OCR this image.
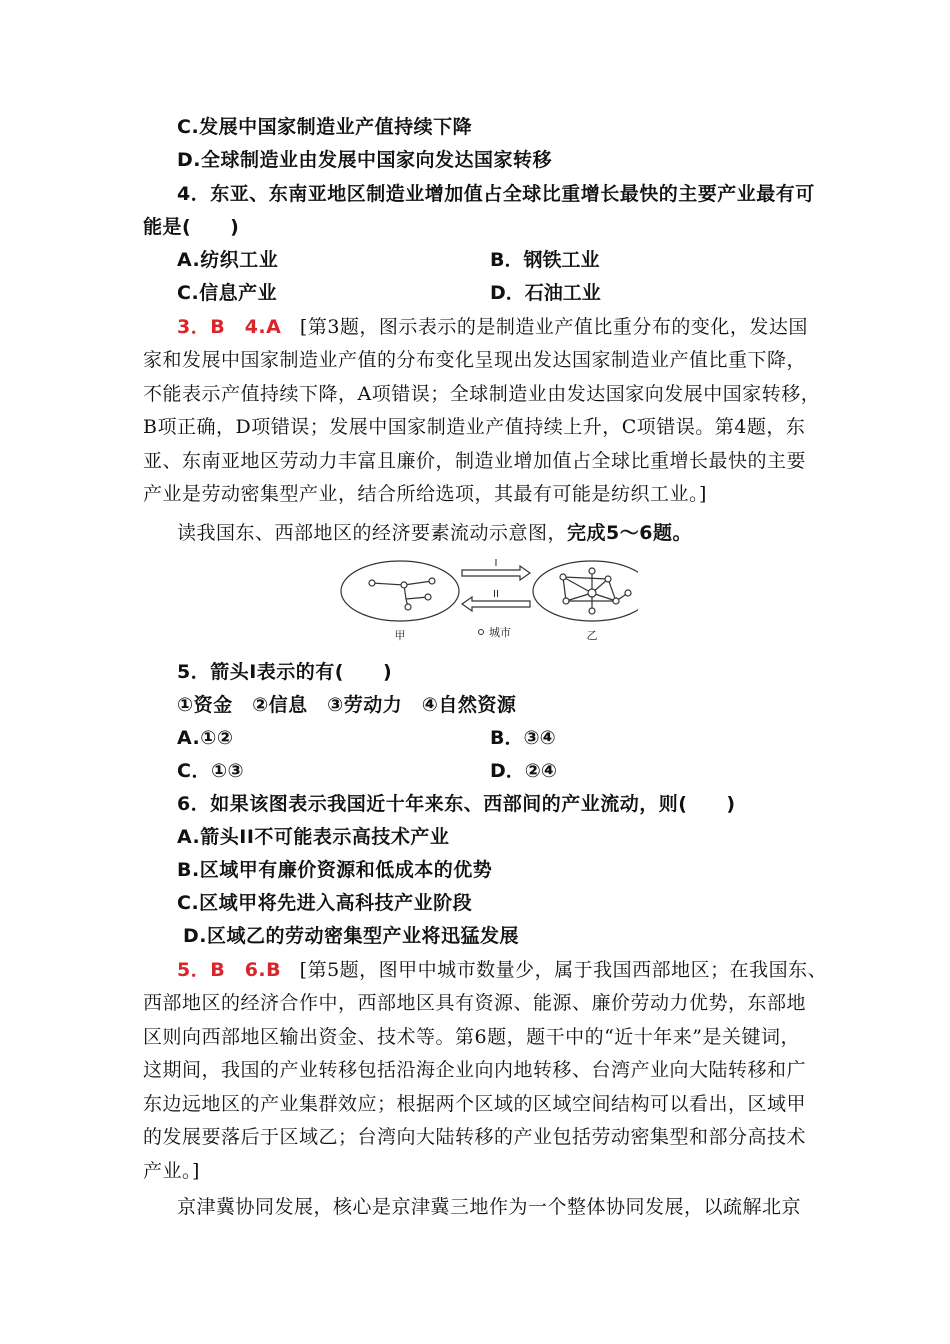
C.发展中国家制造业产值持续下降
D.全球制造业由发展中国家向发达国家转移
4．东亚、东南亚地区制造业增加值占全球比重增长最快的主要产业最有可
能是(　　)
A.纺织工业	B．钢铁工业
C.信息产业	D．石油工业
3．B　4.A [第3题，图示表示的是制造业产值比重分布的变化，发达国
家和发展中国家制造业产值的分布变化呈现出发达国家制造业产值比重下降，
不能表示产值持续下降，A项错误；全球制造业由发达国家向发展中国家转移，
B项正确，D项错误；发展中国家制造业产值持续上升，C项错误。第4题，东
亚、东南亚地区劳动力丰富且廉价，制造业增加值占全球比重增长最快的主要
产业是劳动密集型产业，结合所给选项，其最有可能是纺织工业。]
读我国东、西部地区的经济要素流动示意图，完成5～6题。
I
II
甲	乙
城市
5．箭头I表示的有(　　)
①资金　②信息　③劳动力　④自然资源
A.①②	B．③④
C．①③	D．②④
6．如果该图表示我国近十年来东、西部间的产业流动，则(　　)
A.箭头II不可能表示高技术产业
B.区域甲有廉价资源和低成本的优势
C.区域甲将先进入高科技产业阶段
D.区域乙的劳动密集型产业将迅猛发展
5．B　6.B [第5题，图甲中城市数量少，属于我国西部地区；在我国东、
西部地区的经济合作中，西部地区具有资源、能源、廉价劳动力优势，东部地
区则向西部地区输出资金、技术等。第6题，题干中的“近十年来”是关键词，
这期间，我国的产业转移包括沿海企业向内地转移、台湾产业向大陆转移和广
东边远地区的产业集群效应；根据两个区域的区域空间结构可以看出，区域甲
的发展要落后于区域乙；台湾向大陆转移的产业包括劳动密集型和部分高技术
产业。]
京津冀协同发展，核心是京津冀三地作为一个整体协同发展，以疏解北京
